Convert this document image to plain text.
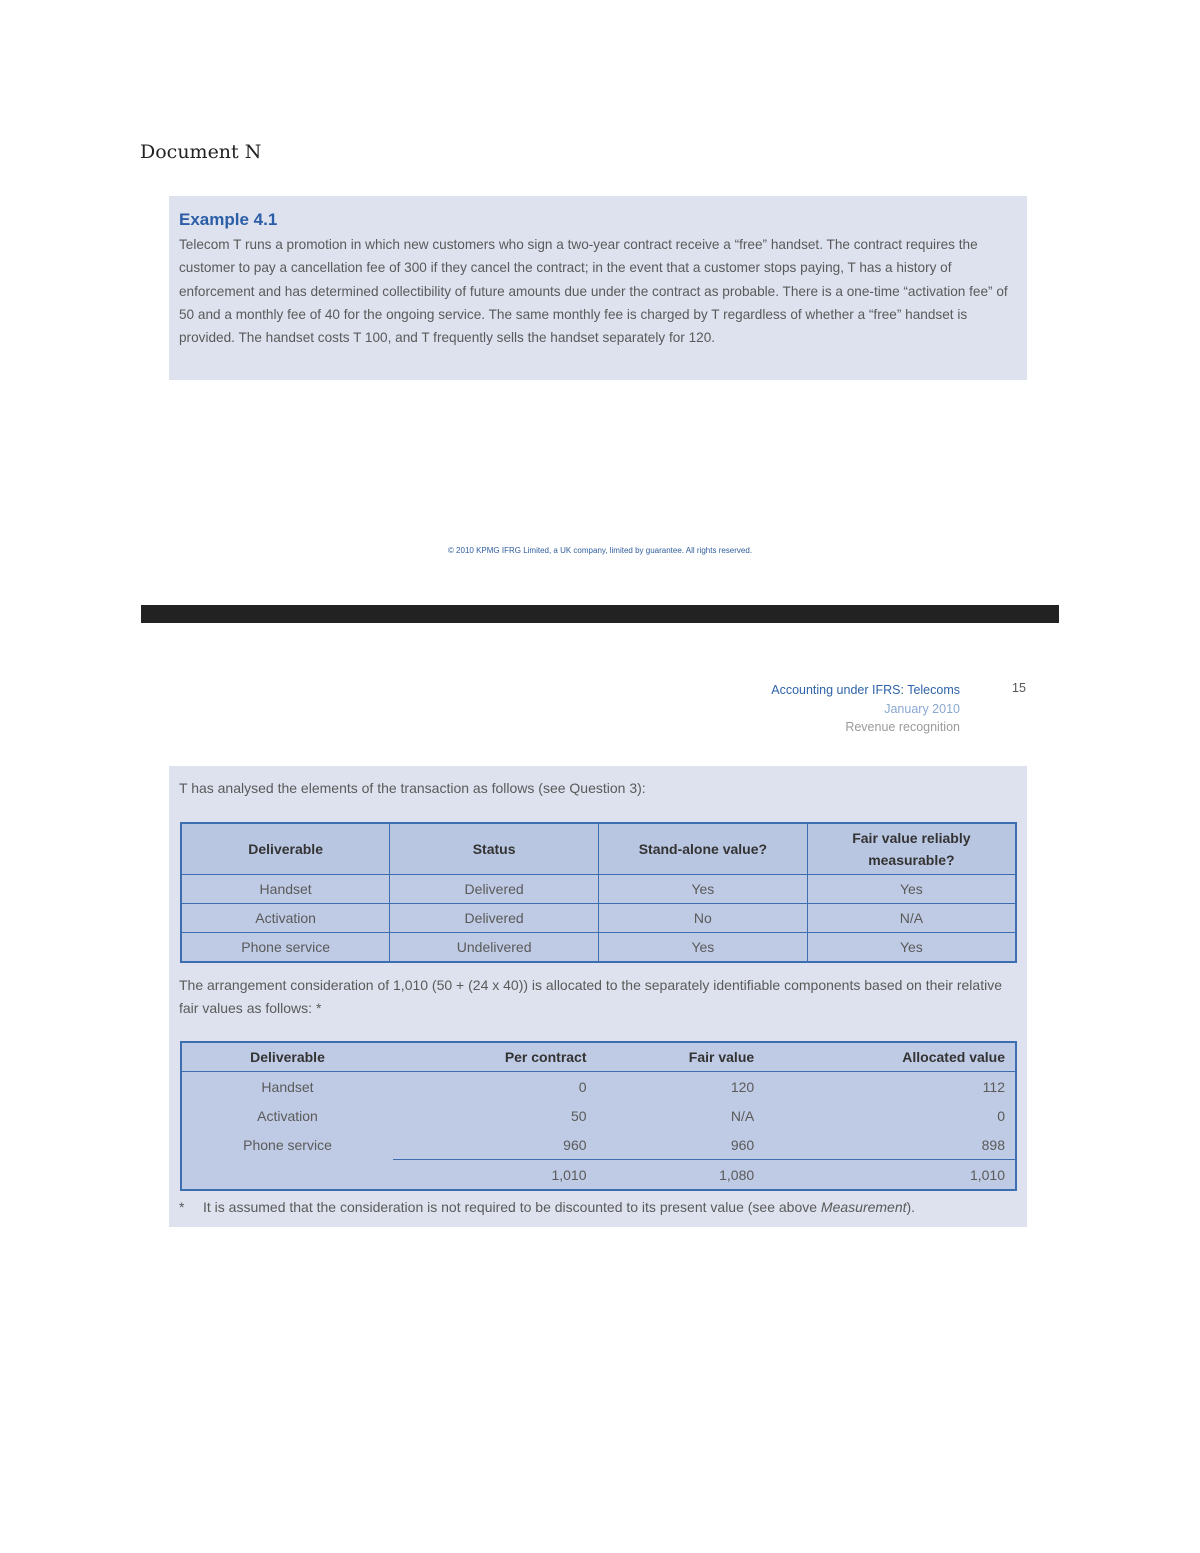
Document N
Example 4.1
Telecom T runs a promotion in which new customers who sign a two-year contract receive a “free” handset. The contract requires the customer to pay a cancellation fee of 300 if they cancel the contract; in the event that a customer stops paying, T has a history of enforcement and has determined collectibility of future amounts due under the contract as probable. There is a one-time “activation fee” of 50 and a monthly fee of 40 for the ongoing service. The same monthly fee is charged by T regardless of whether a “free” handset is provided. The handset costs T 100, and T frequently sells the handset separately for 120.
© 2010 KPMG IFRG Limited, a UK company, limited by guarantee. All rights reserved.
Accounting under IFRS: Telecoms
January 2010
Revenue recognition
15
T has analysed the elements of the transaction as follows (see Question 3):
Deliverable	Status	Stand-alone value?	Fair value reliably measurable?
Handset	Delivered	Yes	Yes
Activation	Delivered	No	N/A
Phone service	Undelivered	Yes	Yes
The arrangement consideration of 1,010 (50 + (24 x 40)) is allocated to the separately identifiable components based on their relative fair values as follows: *
Deliverable	Per contract	Fair value	Allocated value
Handset	0	120	112
Activation	50	N/A	0
Phone service	960	960	898
	1,010	1,080	1,010
* It is assumed that the consideration is not required to be discounted to its present value (see above Measurement).
